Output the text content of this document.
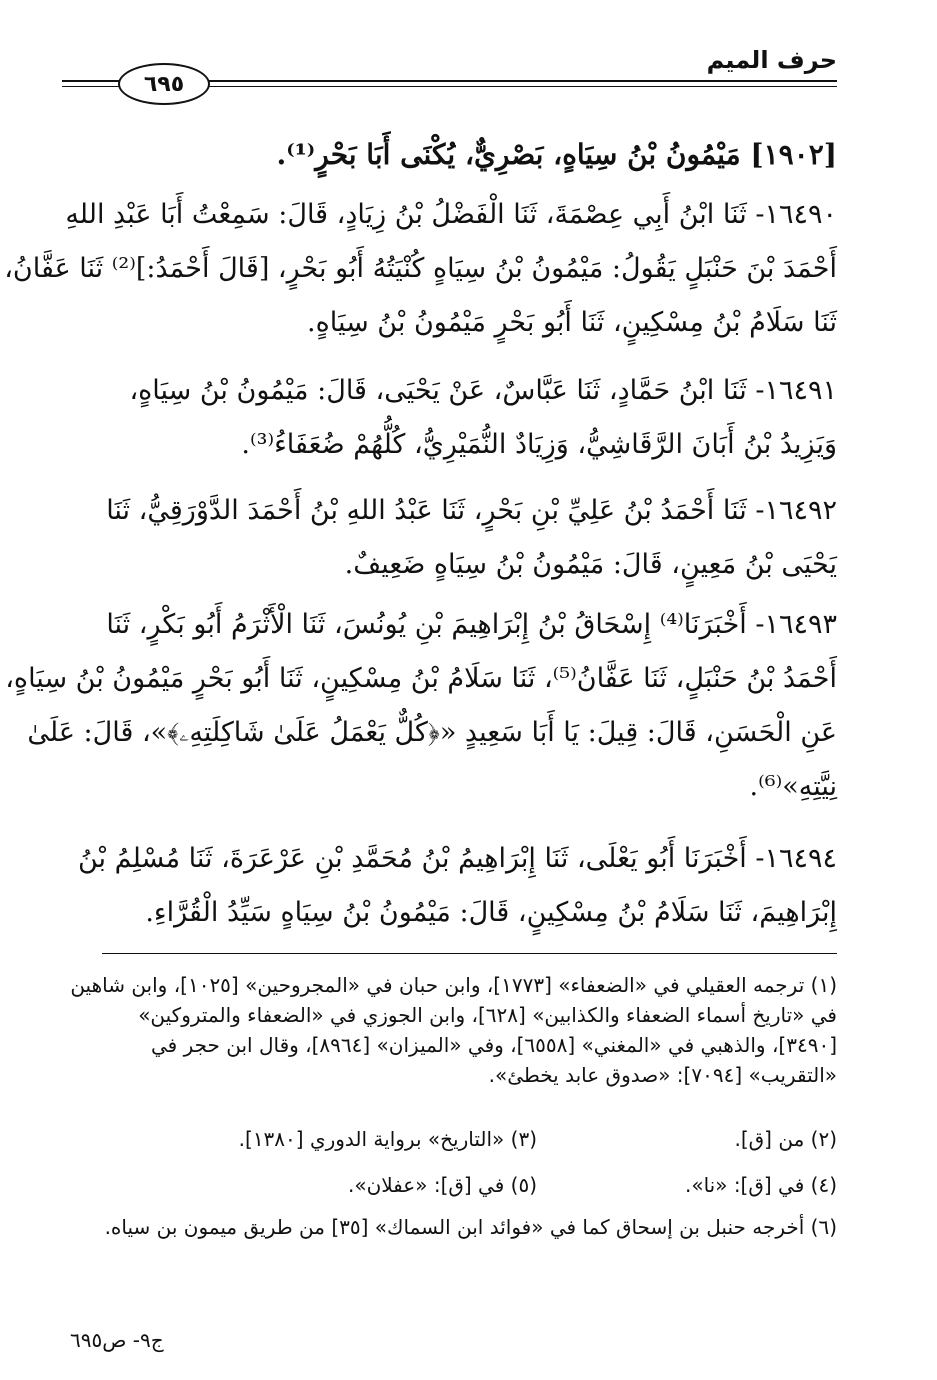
حرف الميم
٦٩٥
[١٩٠٢] مَيْمُونُ بْنُ سِيَاهٍ، بَصْرِيٌّ، يُكْنَى أَبَا بَحْرٍ⁽¹⁾.
١٦٤٩٠- ثَنَا ابْنُ أَبِي عِصْمَةَ، ثَنَا الْفَضْلُ بْنُ زِيَادٍ، قَالَ: سَمِعْتُ أَبَا عَبْدِ اللهِ
أَحْمَدَ بْنَ حَنْبَلٍ يَقُولُ: مَيْمُونُ بْنُ سِيَاهٍ كُنْيَتُهُ أَبُو بَحْرٍ، [قَالَ أَحْمَدُ:]⁽²⁾ ثَنَا عَفَّانُ،
ثَنَا سَلَامُ بْنُ مِسْكِينٍ، ثَنَا أَبُو بَحْرٍ مَيْمُونُ بْنُ سِيَاهٍ.
١٦٤٩١- ثَنَا ابْنُ حَمَّادٍ، ثَنَا عَبَّاسٌ، عَنْ يَحْيَى، قَالَ: مَيْمُونُ بْنُ سِيَاهٍ،
وَيَزِيدُ بْنُ أَبَانَ الرَّقَاشِيُّ، وَزِيَادٌ النُّمَيْرِيُّ، كُلُّهُمْ ضُعَفَاءُ⁽³⁾.
١٦٤٩٢- ثَنَا أَحْمَدُ بْنُ عَلِيِّ بْنِ بَحْرٍ، ثَنَا عَبْدُ اللهِ بْنُ أَحْمَدَ الدَّوْرَقِيُّ، ثَنَا
يَحْيَى بْنُ مَعِينٍ، قَالَ: مَيْمُونُ بْنُ سِيَاهٍ ضَعِيفٌ.
١٦٤٩٣- أَخْبَرَنَا⁽⁴⁾ إِسْحَاقُ بْنُ إِبْرَاهِيمَ بْنِ يُونُسَ، ثَنَا الْأَثْرَمُ أَبُو بَكْرٍ، ثَنَا
أَحْمَدُ بْنُ حَنْبَلٍ، ثَنَا عَفَّانُ⁽⁵⁾، ثَنَا سَلَامُ بْنُ مِسْكِينٍ، ثَنَا أَبُو بَحْرٍ مَيْمُونُ بْنُ سِيَاهٍ،
عَنِ الْحَسَنِ، قَالَ: قِيلَ: يَا أَبَا سَعِيدٍ «﴿كُلٌّ يَعْمَلُ عَلَىٰ شَاكِلَتِهِۦ﴾»، قَالَ: عَلَىٰ
نِيَّتِهِ»⁽⁶⁾.
١٦٤٩٤- أَخْبَرَنَا أَبُو يَعْلَى، ثَنَا إِبْرَاهِيمُ بْنُ مُحَمَّدِ بْنِ عَرْعَرَةَ، ثَنَا مُسْلِمُ بْنُ
إِبْرَاهِيمَ، ثَنَا سَلَامُ بْنُ مِسْكِينٍ، قَالَ: مَيْمُونُ بْنُ سِيَاهٍ سَيِّدُ الْقُرَّاءِ.
(١) ترجمه العقيلي في «الضعفاء» [١٧٧٣]، وابن حبان في «المجروحين» [١٠٢٥]، وابن شاهين
في «تاريخ أسماء الضعفاء والكذابين» [٦٢٨]، وابن الجوزي في «الضعفاء والمتروكين»
[٣٤٩٠]، والذهبي في «المغني» [٦٥٥٨]، وفي «الميزان» [٨٩٦٤]، وقال ابن حجر في
«التقريب» [٧٠٩٤]: «صدوق عابد يخطئ».
(٢) من [ق].
(٣) «التاريخ» برواية الدوري [١٣٨٠].
(٤) في [ق]: «نا».
(٥) في [ق]: «عفلان».
(٦) أخرجه حنبل بن إسحاق كما في «فوائد ابن السماك» [٣٥] من طريق ميمون بن سياه.
ج٩- ص٦٩٥
